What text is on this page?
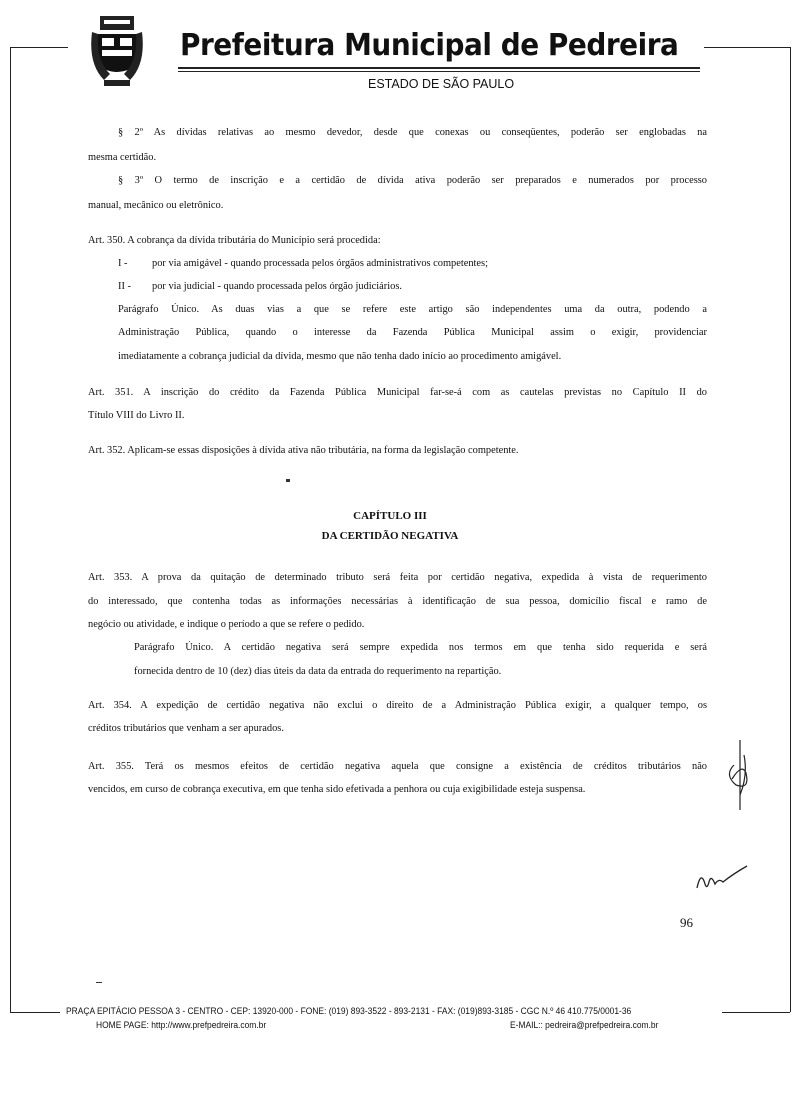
Prefeitura Municipal de Pedreira
ESTADO DE SÃO PAULO
§ 2º As dívidas relativas ao mesmo devedor, desde que conexas ou conseqüentes, poderão ser englobadas na
mesma certidão.
§ 3º O termo de inscrição e a certidão de dívida ativa poderão ser preparados e numerados por processo
manual, mecânico ou eletrônico.
Art. 350. A cobrança da dívida tributária do Município será procedida:
I - por via amigável - quando processada pelos órgãos administrativos competentes;
II - por via judicial - quando processada pelos órgão judiciários.
Parágrafo Único. As duas vias a que se refere este artigo são independentes uma da outra, podendo a
Administração Pública, quando o interesse da Fazenda Pública Municipal assim o exigir, providenciar
imediatamente a cobrança judicial da dívida, mesmo que não tenha dado início ao procedimento amigável.
Art. 351. A inscrição do crédito da Fazenda Pública Municipal far-se-á com as cautelas previstas no Capítulo II do
Título VIII do Livro II.
Art. 352. Aplicam-se essas disposições à dívida ativa não tributária, na forma da legislação competente.
CAPÍTULO III
DA CERTIDÃO NEGATIVA
Art. 353. A prova da quitação de determinado tributo será feita por certidão negativa, expedida à vista de requerimento
do interessado, que contenha todas as informações necessárias à identificação de sua pessoa, domicílio fiscal e ramo de
negócio ou atividade, e indique o período a que se refere o pedido.
Parágrafo Único. A certidão negativa será sempre expedida nos termos em que tenha sido requerida e será
fornecida dentro de 10 (dez) dias úteis da data da entrada do requerimento na repartição.
Art. 354. A expedição de certidão negativa não exclui o direito de a Administração Pública exigir, a qualquer tempo, os
créditos tributários que venham a ser apurados.
Art. 355. Terá os mesmos efeitos de certidão negativa aquela que consigne a existência de créditos tributários não
vencidos, em curso de cobrança executiva, em que tenha sido efetivada a penhora ou cuja exigibilidade esteja suspensa.
96
PRAÇA EPITÁCIO PESSOA 3 - CENTRO - CEP: 13920-000 - FONE: (019) 893-3522 - 893-2131 - FAX: (019)893-3185 - CGC N.º 46 410.775/0001-36
HOME PAGE: http://www.prefpedreira.com.br	E-MAIL:: pedreira@prefpedreira.com.br
